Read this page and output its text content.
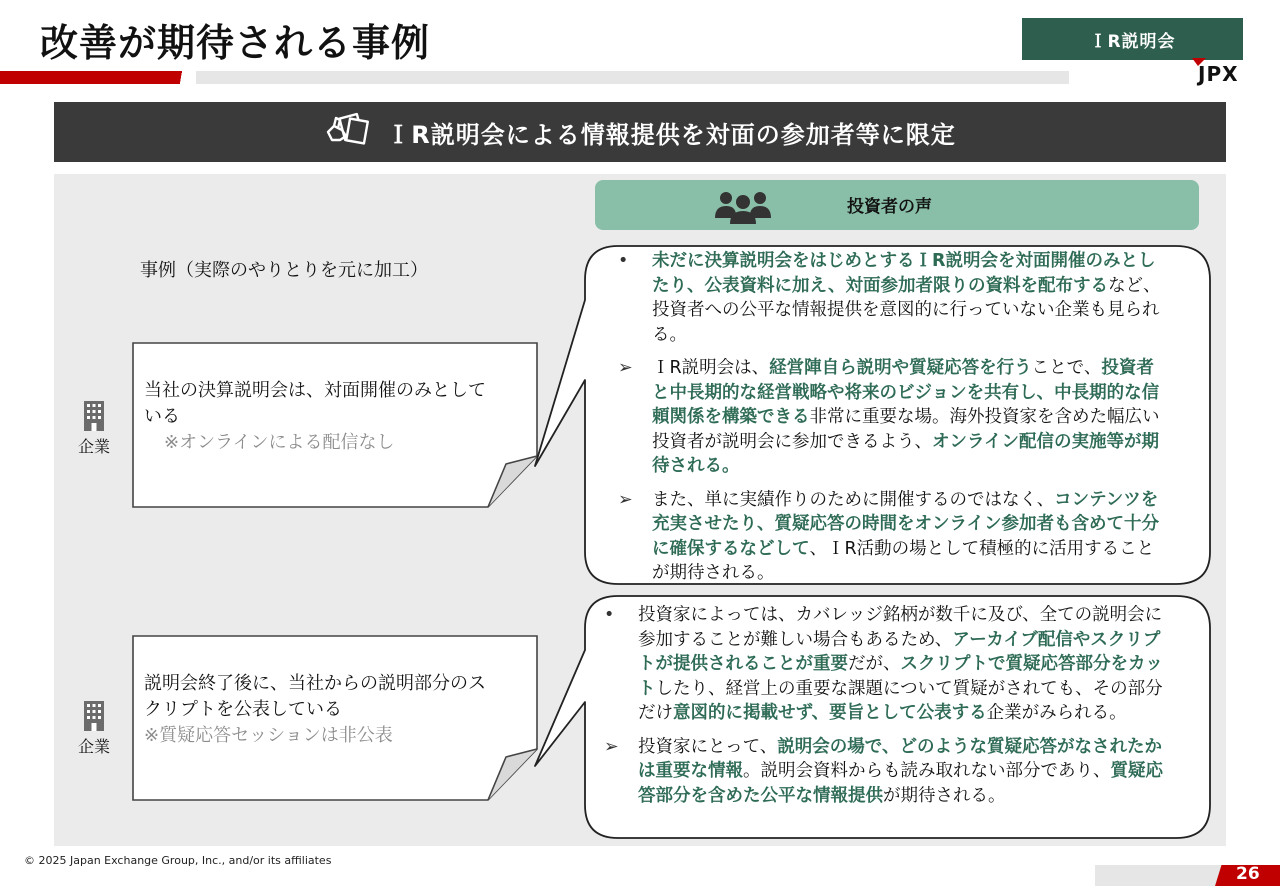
改善が期待される事例	ＩR説明会
JPX
ＩR説明会による情報提供を対面の参加者等に限定
投資者の声
事例（実際のやりとりを元に加工）
企業
当社の決算説明会は、対面開催のみとして
いる
※オンラインによる配信なし
企業
説明会終了後に、当社からの説明部分のス
クリプトを公表している
※質疑応答セッションは非公表
• 未だに決算説明会をはじめとするＩR説明会を対面開催のみとしたり、公表資料に加え、対面参加者限りの資料を配布するなど、投資者への公平な情報提供を意図的に行っていない企業も見られる。
➢ ＩR説明会は、経営陣自ら説明や質疑応答を行うことで、投資者と中長期的な経営戦略や将来のビジョンを共有し、中長期的な信頼関係を構築できる非常に重要な場。海外投資家を含めた幅広い投資者が説明会に参加できるよう、オンライン配信の実施等が期待される。
➢ また、単に実績作りのために開催するのではなく、コンテンツを充実させたり、質疑応答の時間をオンライン参加者も含めて十分に確保するなどして、ＩR活動の場として積極的に活用することが期待される。
• 投資家によっては、カバレッジ銘柄が数千に及び、全ての説明会に参加することが難しい場合もあるため、アーカイブ配信やスクリプトが提供されることが重要だが、スクリプトで質疑応答部分をカットしたり、経営上の重要な課題について質疑がされても、その部分だけ意図的に掲載せず、要旨として公表する企業がみられる。
➢ 投資家にとって、説明会の場で、どのような質疑応答がなされたかは重要な情報。説明会資料からも読み取れない部分であり、質疑応答部分を含めた公平な情報提供が期待される。
© 2025 Japan Exchange Group, Inc., and/or its affiliates
26
